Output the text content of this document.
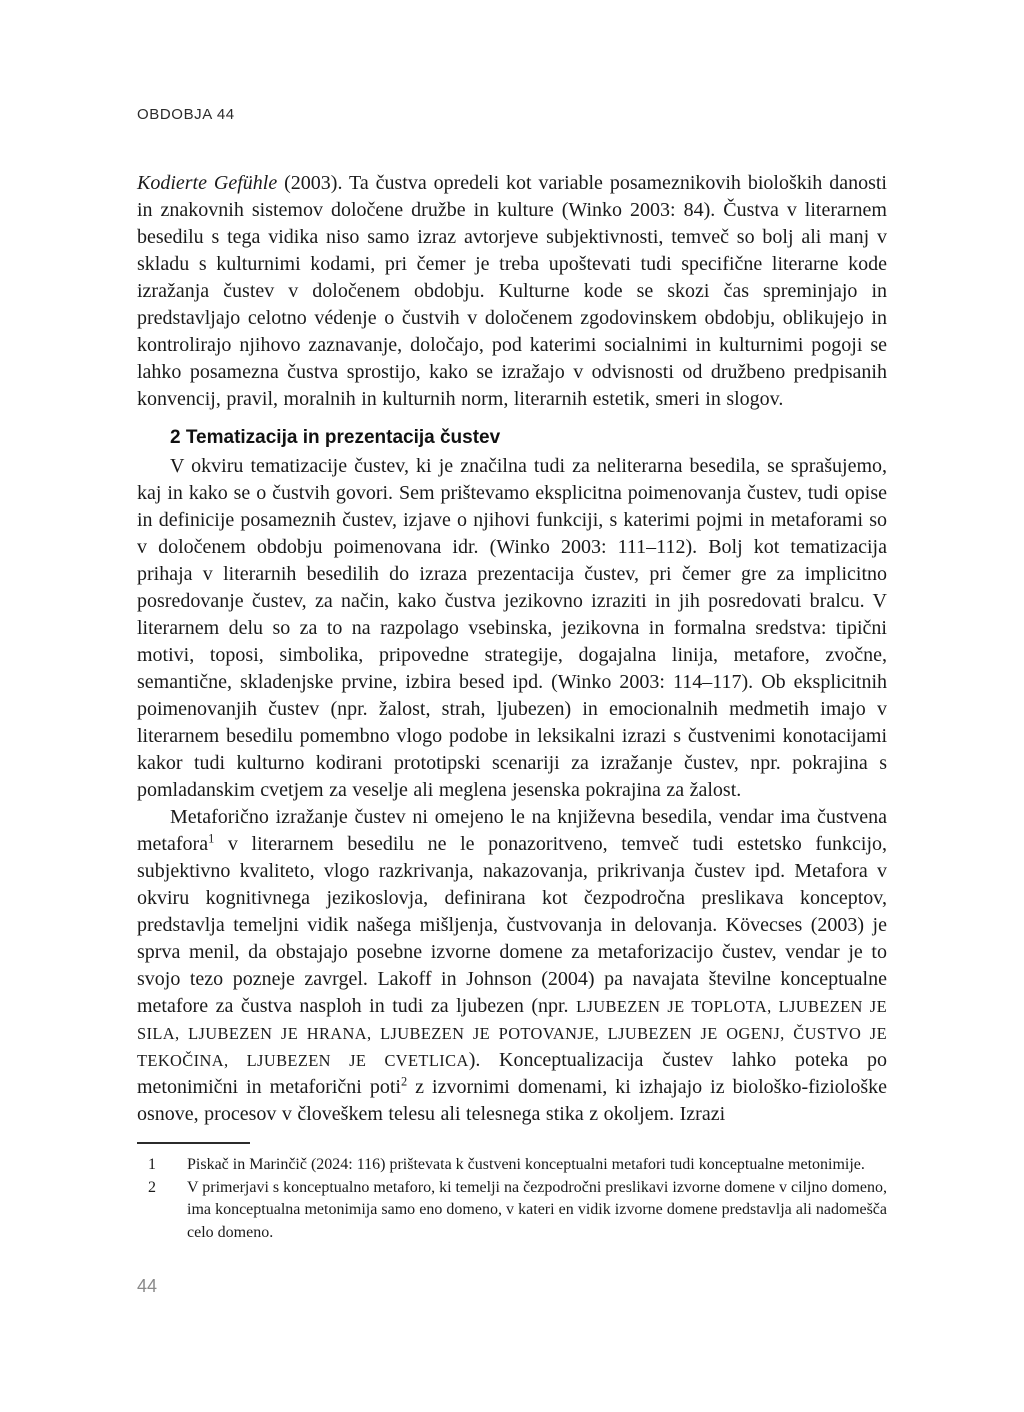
OBDOBJA 44

Kodierte Gefühle (2003). Ta čustva opredeli kot variable posameznikovih bioloških danosti in znakovnih sistemov določene družbe in kulture (Winko 2003: 84). Čustva v literarnem besedilu s tega vidika niso samo izraz avtorjeve subjektivnosti, temveč so bolj ali manj v skladu s kulturnimi kodami, pri čemer je treba upoštevati tudi specifične literarne kode izražanja čustev v določenem obdobju. Kulturne kode se skozi čas spreminjajo in predstavljajo celotno védenje o čustvih v določenem zgodovinskem obdobju, oblikujejo in kontrolirajo njihovo zaznavanje, določajo, pod katerimi socialnimi in kulturnimi pogoji se lahko posamezna čustva sprostijo, kako se izražajo v odvisnosti od družbeno predpisanih konvencij, pravil, moralnih in kulturnih norm, literarnih estetik, smeri in slogov.

2 Tematizacija in prezentacija čustev

V okviru tematizacije čustev, ki je značilna tudi za neliterarna besedila, se sprašujemo, kaj in kako se o čustvih govori. Sem prištevamo eksplicitna poimenovanja čustev, tudi opise in definicije posameznih čustev, izjave o njihovi funkciji, s katerimi pojmi in metaforami so v določenem obdobju poimenovana idr. (Winko 2003: 111–112). Bolj kot tematizacija prihaja v literarnih besedilih do izraza prezentacija čustev, pri čemer gre za implicitno posredovanje čustev, za način, kako čustva jezikovno izraziti in jih posredovati bralcu. V literarnem delu so za to na razpolago vsebinska, jezikovna in formalna sredstva: tipični motivi, toposi, simbolika, pripovedne strategije, dogajalna linija, metafore, zvočne, semantične, skladenjske prvine, izbira besed ipd. (Winko 2003: 114–117). Ob eksplicitnih poimenovanjih čustev (npr. žalost, strah, ljubezen) in emocionalnih medmetih imajo v literarnem besedilu pomembno vlogo podobe in leksikalni izrazi s čustvenimi konotacijami kakor tudi kulturno kodirani prototipski scenariji za izražanje čustev, npr. pokrajina s pomladanskim cvetjem za veselje ali meglena jesenska pokrajina za žalost.

Metaforično izražanje čustev ni omejeno le na književna besedila, vendar ima čustvena metafora$^1$ v literarnem besedilu ne le ponazoritveno, temveč tudi estetsko funkcijo, subjektivno kvaliteto, vlogo razkrivanja, nakazovanja, prikrivanja čustev ipd. Metafora v okviru kognitivnega jezikoslovja, definirana kot čezpodročna preslikava konceptov, predstavlja temeljni vidik našega mišljenja, čustvovanja in delovanja. Kövecses (2003) je sprva menil, da obstajajo posebne izvorne domene za metaforizacijo čustev, vendar je to svojo tezo pozneje zavrgel. Lakoff in Johnson (2004) pa navajata številne konceptualne metafore za čustva nasploh in tudi za ljubezen (npr. LJUBEZEN JE TOPLOTA, LJUBEZEN JE SILA, LJUBEZEN JE HRANA, LJUBEZEN JE POTOVANJE, LJUBEZEN JE OGENJ, ČUSTVO JE TEKOČINA, LJUBEZEN JE CVETLICA). Konceptualizacija čustev lahko poteka po metonimični in metaforični poti$^2$ z izvornimi domenami, ki izhajajo iz biološko-fiziološke osnove, procesov v človeškem telesu ali telesnega stika z okoljem. Izrazi

1	Piskač in Marinčič (2024: 116) prištevata k čustveni konceptualni metafori tudi konceptualne metonimije.
2	V primerjavi s konceptualno metaforo, ki temelji na čezpodročni preslikavi izvorne domene v ciljno domeno, ima konceptualna metonimija samo eno domeno, v kateri en vidik izvorne domene predstavlja ali nadomešča celo domeno.
44
